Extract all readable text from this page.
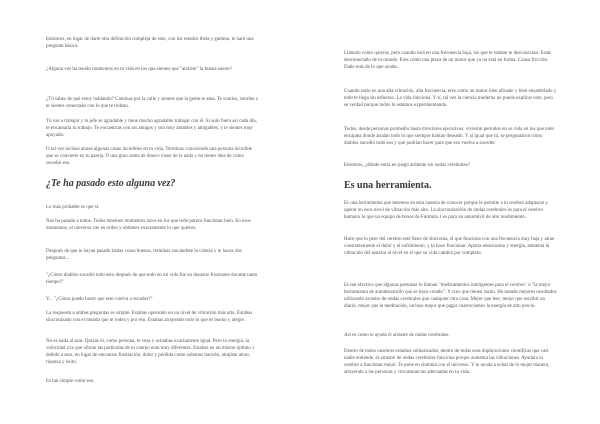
Entonces, en lugar de darte otra definición compleja de esto, con los estados theta y gamma, te haré una pregunta básica.

¿Alguna vez ha tenido momentos en tu vida en los que sientes que "atraíste" la buena suerte?

¿Tú sabes de qué estoy hablando? Caminas por la calle y sientes que la gente te ama. Te sonríes, sonríen y te sientes conectado con lo que te rodean.

Tú vas a trabajar y tu jefe se agradable y tiene mucho agradable trabajar con él. Si solo fuera así cada día, te encantaría tu trabajo. Te encuentras con tus amigos y son muy amables y amigables, y te sientes muy apoyado.

O tal vez incluso atraes algunas cosas increíbles en tu vida. Terminas conociendo una persona increíble que se convierte en tu pareja. O una gran suma de dinero viene de la nada y no tienes idea de cómo sucedió eso.

¿Te ha pasado esto alguna vez?

Lo más probable es que sí.

Nos ha pasado a todos. Todos tenemos momentos raros en los que todo parece funcionar bien. En esos momentos, el universo cae en orden y obtienes exactamente lo que quieres.

Después de que te hayan pasado tantas cosas buenas, terminas rascándote la cabeza y te haces dos preguntas...

"¿Cómo diablos sucedió todo esto después de que todo en mi vida fue un desastre frustrante durante tanto tiempo?"

Y... "¿Cómo puedo hacer que esto vuelva a suceder?"

La respuesta a ambas preguntas es simple. Estabas operando en un nivel de vibración más alto. Estabas sincronizado con el mundo que te rodea y por eso. Estabas atrayendo todo lo que es bueno y alegre.

No es nada al azar. Quizás tú, como persona, te veas y actuabas exactamente igual. Pero tu energía, la velocidad a la que vibran las partículas de tu cuerpo eran muy diferentes. Estabas en un mismo óptimo y debido a esto, en lugar de encontrar frustración, dolor y pérdida como solemos hacerlo, atrajiste amor, riqueza y éxito.

Es tan simple como eso.

Llámalo como quieras, pero cuando está en una frecuencia baja, los que te rodean te desconectan. Estás desconectado de tu mundo. Eres como una pieza de un motor que ya no está en forma. Causa fricción. Dañe más de lo que ayuda.

Cuando estás en una alta vibración, alta frecuencia, eres como un motor bien afinado y bien ensamblado y todo te llega sin esfuerzo. La vida funciona. Y sí, tal vez la ciencia moderna no pueda explicar esto, pero se verdad porque todos lo estamos experimentando.

Todos, desde personas promedio hasta directores ejecutivos, vivieron períodos en su vida en los que todo encajaba donde atraían todo lo que siempre habían deseado. Y al igual que tú, se preguntaron cómo diablos sucedió todo eso y qué podrían hacer para que eso vuelva a suceder.

Entonces, ¿dónde entra en juego ardiente sin ondas cerebrales?

Es una herramienta.

Es una herramienta que tenemos en esta nuestra de conocer porque le permite a tu cerebro adaptarse y operar en esos nivel de vibración más alto. La sincronización de ondas cerebrales es para el cerebro humano lo que un equipo de boxes de Fórmula 1 es para un automóvil de alto rendimiento.

Hace que lo peor del cerebro esté lleno de sincronía, el que funciona con una frecuencia muy baja y atrae constantemente el dolor y el sufrimiento, y lo hace funcionar. Aporta entusiasmo y energía, aumenta la vibración del usuario al nivel en el que su vida cambia por completo.

Es tan efectivo que algunas personas lo llaman "medicamentos inteligentes para el cerebro" o "la mejor herramienta de autodesarrollo que se haya creado". Y creo que tienen razón. He notado mejores resultados utilizando arrastre de ondas cerebrales que cualquier otra cosa. Mejor que leer, mejor que escribir un diario, mejor que la meditación, incluso mejor que pagar cuatrocientos la energía de alto precio.

Así es como te ayuda el arrastre de ondas cerebrales.

Dentro de todos nosotros estamos solitarizados, dentro de todas esas duplicaciones científicas que casi nadie entiende, el arrastre de ondas cerebrales funciona porque aumenta las vibraciones. Ayudara tu cerebro a funcionar mejor. Te pone en sintonía con el universo. Y te ayuda a echar de lo mejor manera, atrayendo a las personas y circunstancias adecuadas en tu vida.
